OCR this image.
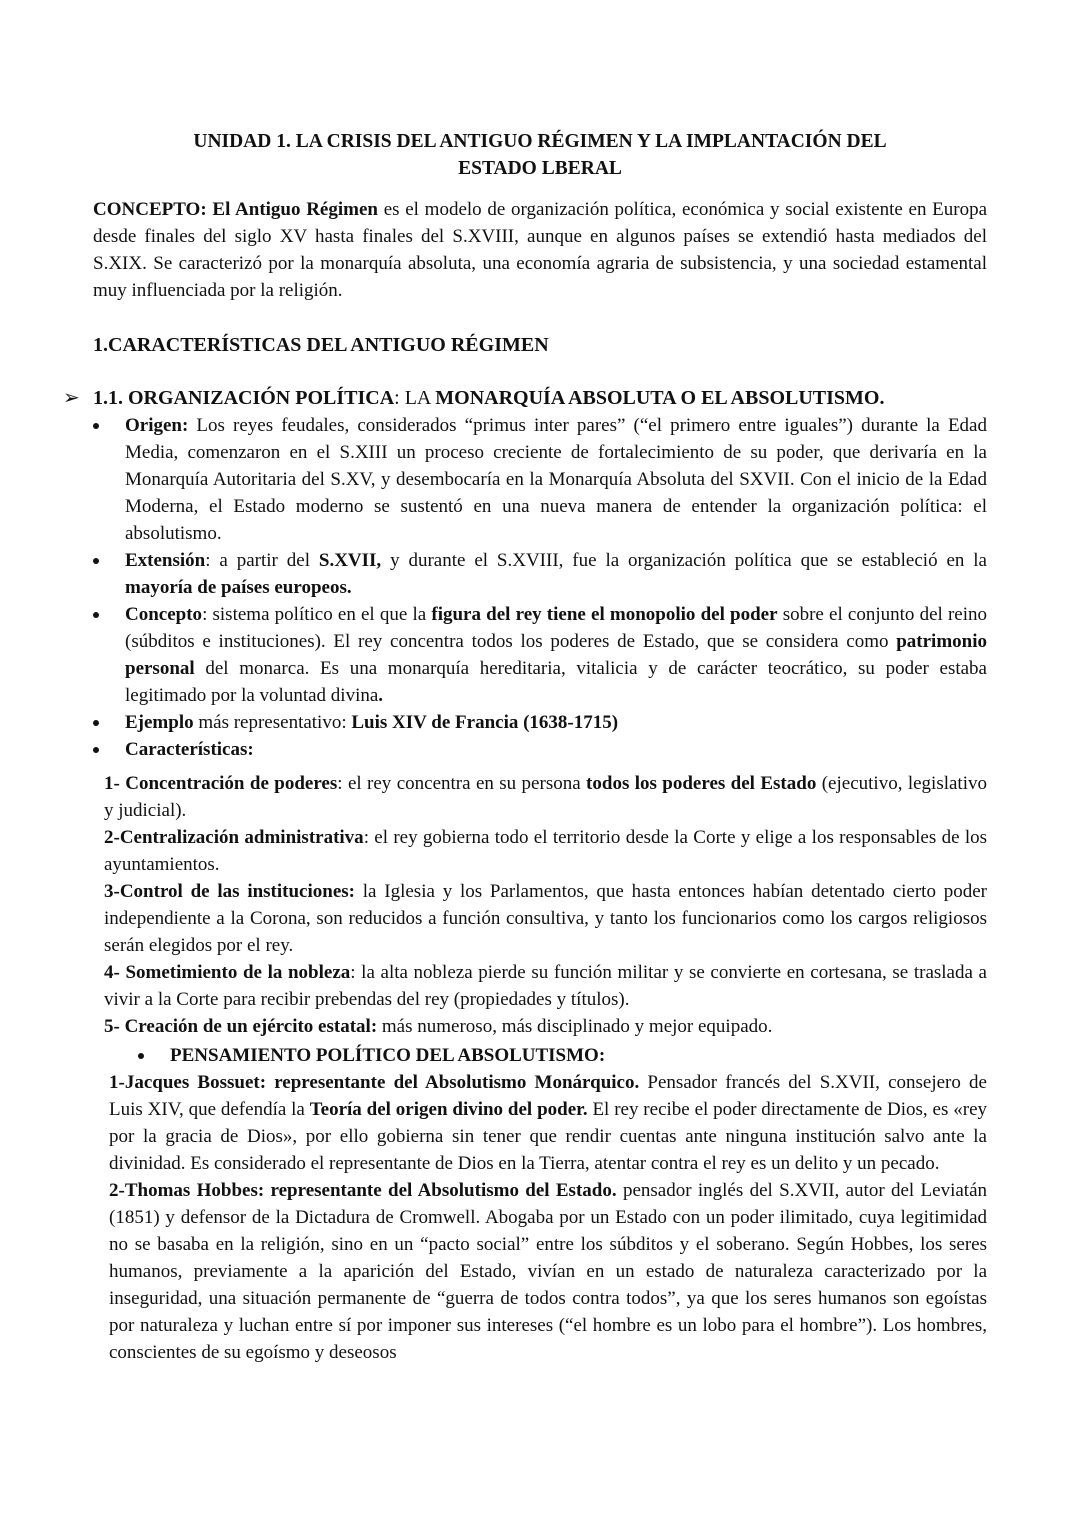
UNIDAD 1. LA CRISIS DEL ANTIGUO RÉGIMEN Y LA IMPLANTACIÓN DEL
ESTADO LBERAL

CONCEPTO: El Antiguo Régimen es el modelo de organización política, económica y social existente en Europa desde finales del siglo XV hasta finales del S.XVIII, aunque en algunos países se extendió hasta mediados del S.XIX. Se caracterizó por la monarquía absoluta, una economía agraria de subsistencia, y una sociedad estamental muy influenciada por la religión.

1.CARACTERÍSTICAS DEL ANTIGUO RÉGIMEN

➢ 1.1. ORGANIZACIÓN POLÍTICA: LA MONARQUÍA ABSOLUTA O EL ABSOLUTISMO.

Origen: Los reyes feudales, considerados “primus inter pares” (“el primero entre iguales”) durante la Edad Media, comenzaron en el S.XIII un proceso creciente de fortalecimiento de su poder, que derivaría en la Monarquía Autoritaria del S.XV, y desembocaría en la Monarquía Absoluta del SXVII. Con el inicio de la Edad Moderna, el Estado moderno se sustentó en una nueva manera de entender la organización política: el absolutismo.
Extensión: a partir del S.XVII, y durante el S.XVIII, fue la organización política que se estableció en la mayoría de países europeos.
Concepto: sistema político en el que la figura del rey tiene el monopolio del poder sobre el conjunto del reino (súbditos e instituciones). El rey concentra todos los poderes de Estado, que se considera como patrimonio personal del monarca. Es una monarquía hereditaria, vitalicia y de carácter teocrático, su poder estaba legitimado por la voluntad divina.
Ejemplo más representativo: Luis XIV de Francia (1638-1715)
Características:
1- Concentración de poderes: el rey concentra en su persona todos los poderes del Estado (ejecutivo, legislativo y judicial).
2-Centralización administrativa: el rey gobierna todo el territorio desde la Corte y elige a los responsables de los ayuntamientos.
3-Control de las instituciones: la Iglesia y los Parlamentos, que hasta entonces habían detentado cierto poder independiente a la Corona, son reducidos a función consultiva, y tanto los funcionarios como los cargos religiosos serán elegidos por el rey.
4- Sometimiento de la nobleza: la alta nobleza pierde su función militar y se convierte en cortesana, se traslada a vivir a la Corte para recibir prebendas del rey (propiedades y títulos).
5- Creación de un ejército estatal: más numeroso, más disciplinado y mejor equipado.

PENSAMIENTO POLÍTICO DEL ABSOLUTISMO:

1-Jacques Bossuet: representante del Absolutismo Monárquico. Pensador francés del S.XVII, consejero de Luis XIV, que defendía la Teoría del origen divino del poder. El rey recibe el poder directamente de Dios, es «rey por la gracia de Dios», por ello gobierna sin tener que rendir cuentas ante ninguna institución salvo ante la divinidad. Es considerado el representante de Dios en la Tierra, atentar contra el rey es un delito y un pecado.

2-Thomas Hobbes: representante del Absolutismo del Estado. pensador inglés del S.XVII, autor del Leviatán (1851) y defensor de la Dictadura de Cromwell. Abogaba por un Estado con un poder ilimitado, cuya legitimidad no se basaba en la religión, sino en un “pacto social” entre los súbditos y el soberano. Según Hobbes, los seres humanos, previamente a la aparición del Estado, vivían en un estado de naturaleza caracterizado por la inseguridad, una situación permanente de “guerra de todos contra todos”, ya que los seres humanos son egoístas por naturaleza y luchan entre sí por imponer sus intereses (“el hombre es un lobo para el hombre”). Los hombres, conscientes de su egoísmo y deseosos
